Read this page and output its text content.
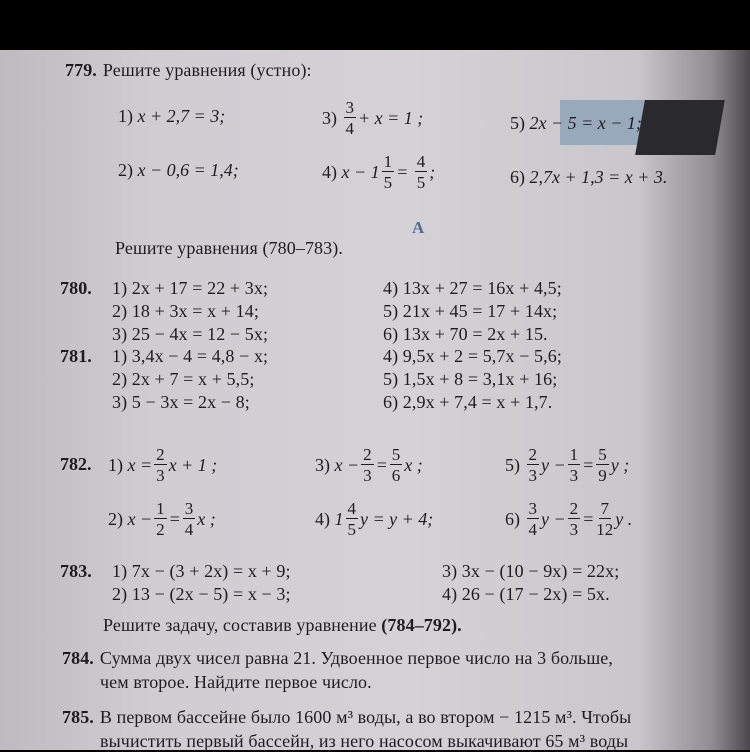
779. Решите уравнения (устно):
1) x + 2,7 = 3;	$3) \frac{3}{4} + x = 1$ ;	5) 2x − 5 = x − 1;
2) x − 0,6 = 1,4;	4) $x - 1 \frac{1}{5} = \frac{4}{5}$ ;	6) 2,7x + 1,3 = x + 3.
А
Решите уравнения (780–783).
780. 1) 2x + 17 = 22 + 3x;
2) 18 + 3x = x + 14;
3) 25 − 4x = 12 − 5x;
4) 13x + 27 = 16x + 4,5;
5) 21x + 45 = 17 + 14x;
6) 13x + 70 = 2x + 15.
781. 1) 3,4x − 4 = 4,8 − x;
2) 2x + 7 = x + 5,5;
3) 5 − 3x = 2x − 8;
4) 9,5x + 2 = 5,7x − 5,6;
5) 1,5x + 8 = 3,1x + 16;
6) 2,9x + 7,4 = x + 1,7.
783. 1) 7x − (3 + 2x) = x + 9;
2) 13 − (2x − 5) = x − 3;
3) 3x − (10 − 9x) = 22x;
4) 26 − (17 − 2x) = 5x.
782. 1) $x = \frac{2}{3}$ x + 1 ;	3) $x - \frac{2}{3} = \frac{5}{6}$ x ;	$5) \frac{2}{3}$ $y - \frac{1}{3} = \frac{5}{9}$ y ;
2) $x - \frac{1}{2} = \frac{3}{4}$ x ;	4) $1 \frac{4}{5}$ y = y + 4;	$6) \frac{3}{4}$ $y - \frac{2}{3} = \frac{7}{12}$ y .
Решите задачу, составив уравнение (784–792).
784. Сумма двух чисел равна 21. Удвоенное первое число на 3 больше,
чем второе. Найдите первое число.
785. В первом бассейне было 1600 м³ воды, а во втором − 1215 м³. Чтобы
вычистить первый бассейн, из него насосом выкачивают 65 м³ воды
